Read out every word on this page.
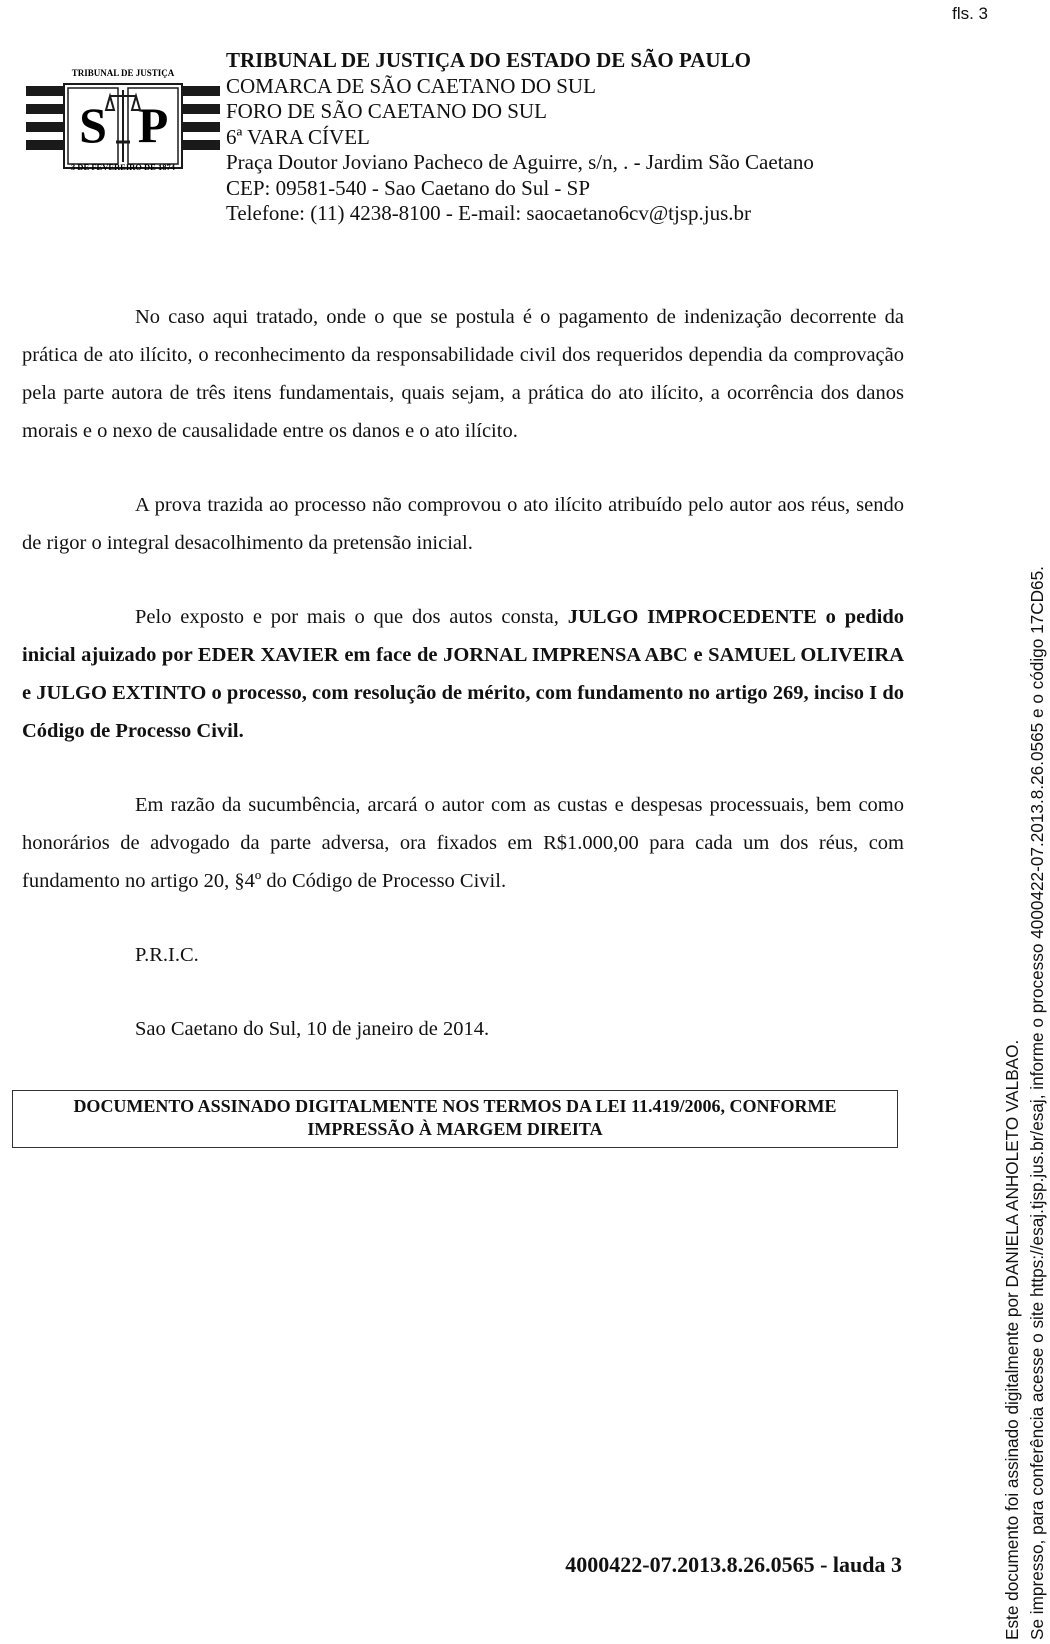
fls. 3
TRIBUNAL DE JUSTIÇA
S P
3 DE FEVEREIRO DE 1874
TRIBUNAL DE JUSTIÇA DO ESTADO DE SÃO PAULO
COMARCA DE SÃO CAETANO DO SUL
FORO DE SÃO CAETANO DO SUL
6ª VARA CÍVEL
Praça Doutor Joviano Pacheco de Aguirre, s/n, . - Jardim São Caetano
CEP: 09581-540 - Sao Caetano do Sul - SP
Telefone: (11) 4238-8100 - E-mail: saocaetano6cv@tjsp.jus.br

No caso aqui tratado, onde o que se postula é o pagamento de indenização decorrente da prática de ato ilícito, o reconhecimento da responsabilidade civil dos requeridos dependia da comprovação pela parte autora de três itens fundamentais, quais sejam, a prática do ato ilícito, a ocorrência dos danos morais e o nexo de causalidade entre os danos e o ato ilícito.

A prova trazida ao processo não comprovou o ato ilícito atribuído pelo autor aos réus, sendo de rigor o integral desacolhimento da pretensão inicial.

Pelo exposto e por mais o que dos autos consta, JULGO IMPROCEDENTE o pedido inicial ajuizado por EDER XAVIER em face de JORNAL IMPRENSA ABC e SAMUEL OLIVEIRA e JULGO EXTINTO o processo, com resolução de mérito, com fundamento no artigo 269, inciso I do Código de Processo Civil.

Em razão da sucumbência, arcará o autor com as custas e despesas processuais, bem como honorários de advogado da parte adversa, ora fixados em R$1.000,00 para cada um dos réus, com fundamento no artigo 20, §4º do Código de Processo Civil.

P.R.I.C.

Sao Caetano do Sul, 10 de janeiro de 2014.

DOCUMENTO ASSINADO DIGITALMENTE NOS TERMOS DA LEI 11.419/2006, CONFORME
IMPRESSÃO À MARGEM DIREITA
4000422-07.2013.8.26.0565 - lauda 3	Este documento foi assinado digitalmente por DANIELA ANHOLETO VALBAO. Se impresso, para conferência acesse o site https://esaj.tjsp.jus.br/esaj, informe o processo 4000422-07.2013.8.26.0565 e o código 17CD65.
